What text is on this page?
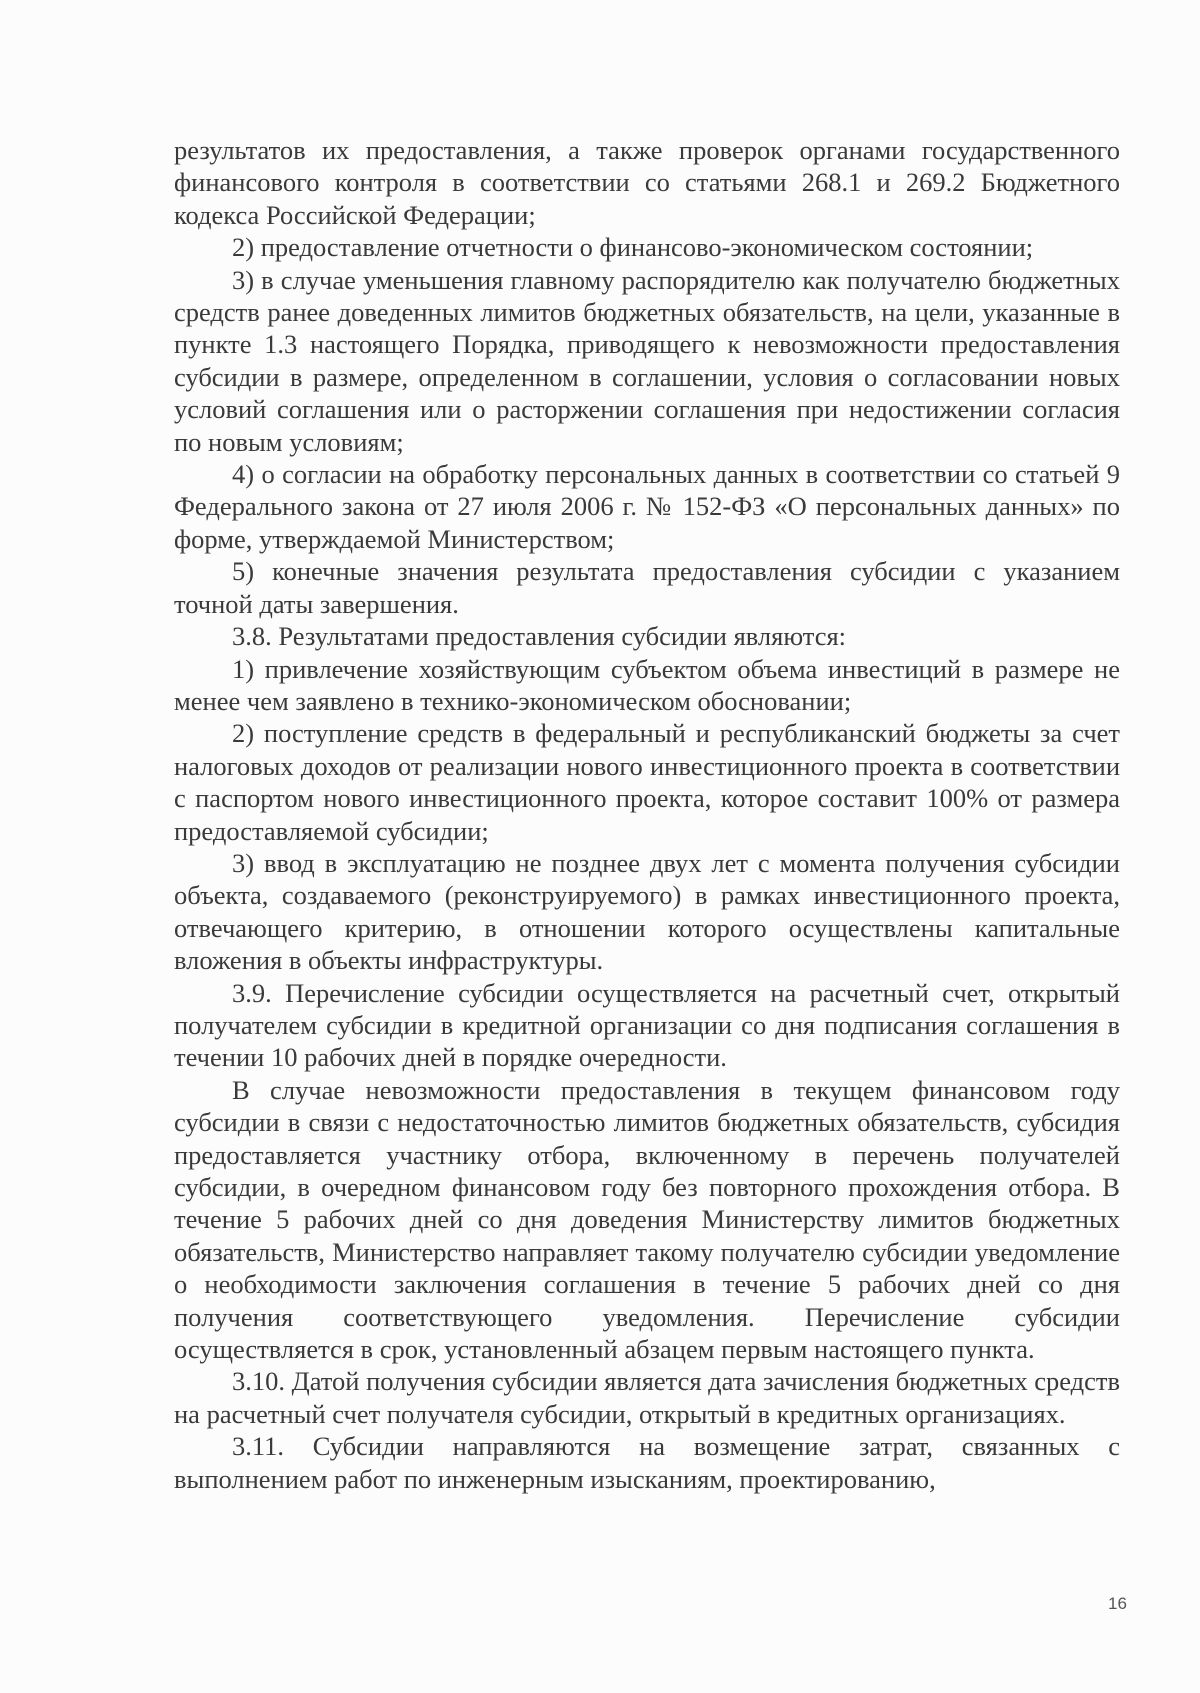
результатов их предоставления, а также проверок органами государственного финансового контроля в соответствии со статьями 268.1 и 269.2 Бюджетного кодекса Российской Федерации;

2) предоставление отчетности о финансово-экономическом состоянии;

3) в случае уменьшения главному распорядителю как получателю бюджетных средств ранее доведенных лимитов бюджетных обязательств, на цели, указанные в пункте 1.3 настоящего Порядка, приводящего к невозможности предоставления субсидии в размере, определенном в соглашении, условия о согласовании новых условий соглашения или о расторжении соглашения при недостижении согласия по новым условиям;

4) о согласии на обработку персональных данных в соответствии со статьей 9 Федерального закона от 27 июля 2006 г. № 152-ФЗ «О персональных данных» по форме, утверждаемой Министерством;

5) конечные значения результата предоставления субсидии с указанием точной даты завершения.

3.8. Результатами предоставления субсидии являются:

1) привлечение хозяйствующим субъектом объема инвестиций в размере не менее чем заявлено в технико-экономическом обосновании;

2) поступление средств в федеральный и республиканский бюджеты за счет налоговых доходов от реализации нового инвестиционного проекта в соответствии с паспортом нового инвестиционного проекта, которое составит 100% от размера предоставляемой субсидии;

3) ввод в эксплуатацию не позднее двух лет с момента получения субсидии объекта, создаваемого (реконструируемого) в рамках инвестиционного проекта, отвечающего критерию, в отношении которого осуществлены капитальные вложения в объекты инфраструктуры.

3.9. Перечисление субсидии осуществляется на расчетный счет, открытый получателем субсидии в кредитной организации со дня подписания соглашения в течении 10 рабочих дней в порядке очередности.

В случае невозможности предоставления в текущем финансовом году субсидии в связи с недостаточностью лимитов бюджетных обязательств, субсидия предоставляется участнику отбора, включенному в перечень получателей субсидии, в очередном финансовом году без повторного прохождения отбора. В течение 5 рабочих дней со дня доведения Министерству лимитов бюджетных обязательств, Министерство направляет такому получателю субсидии уведомление о необходимости заключения соглашения в течение 5 рабочих дней со дня получения соответствующего уведомления. Перечисление субсидии осуществляется в срок, установленный абзацем первым настоящего пункта.

3.10. Датой получения субсидии является дата зачисления бюджетных средств на расчетный счет получателя субсидии, открытый в кредитных организациях.

3.11. Субсидии направляются на возмещение затрат, связанных с выполнением работ по инженерным изысканиям, проектированию,

16
